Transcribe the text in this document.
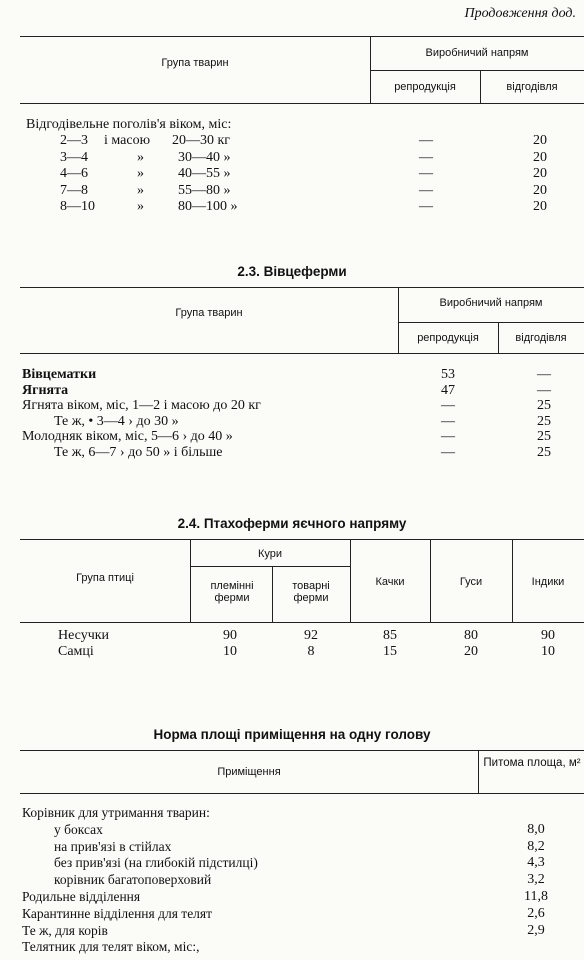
Продовження дод.
Група тварин
Виробничий напрям
репродукція	відгодівля
Відгодівельне поголів'я віком, міс:
2—3 і масою 20—30 кг	—	20
3—4	» 30—40 »	—	20
4—6	» 40—55 »	—	20
7—8	» 55—80 »	—	20
8—10	» 80—100 »	—	20
2.3. Вівцеферми
Група тварин
Виробничий напрям
репродукція	відгодівля
Вівцематки	53	—
Ягнята	47	—
Ягнята віком, міс, 1—2 і масою до 20 кг	—	25
Те ж, • 3—4 › до 30 »	—	25
Молодняк віком, міс, 5—6 › до 40 »	—	25
Те ж, 6—7 › до 50 » і більше	—	25
2.4. Птахоферми яєчного напряму
Група птиці
Кури
племінні ферми
товарні ферми
Качки	Гуси	Індики
Несучки	90	92	85	80	90
Самці	10	8	15	20	10
Норма площі приміщення на одну голову
Приміщення
Питома площа, м²
Корівник для утримання тварин:
у боксах	8,0
на прив'язі в стійлах	8,2
без прив'язі (на глибокій підстилці)	4,3
корівник багатоповерховий	3,2
Родильне відділення	11,8
Карантинне відділення для телят	2,6
Те ж, для корів	2,9
Телятник для телят віком, міс:,
